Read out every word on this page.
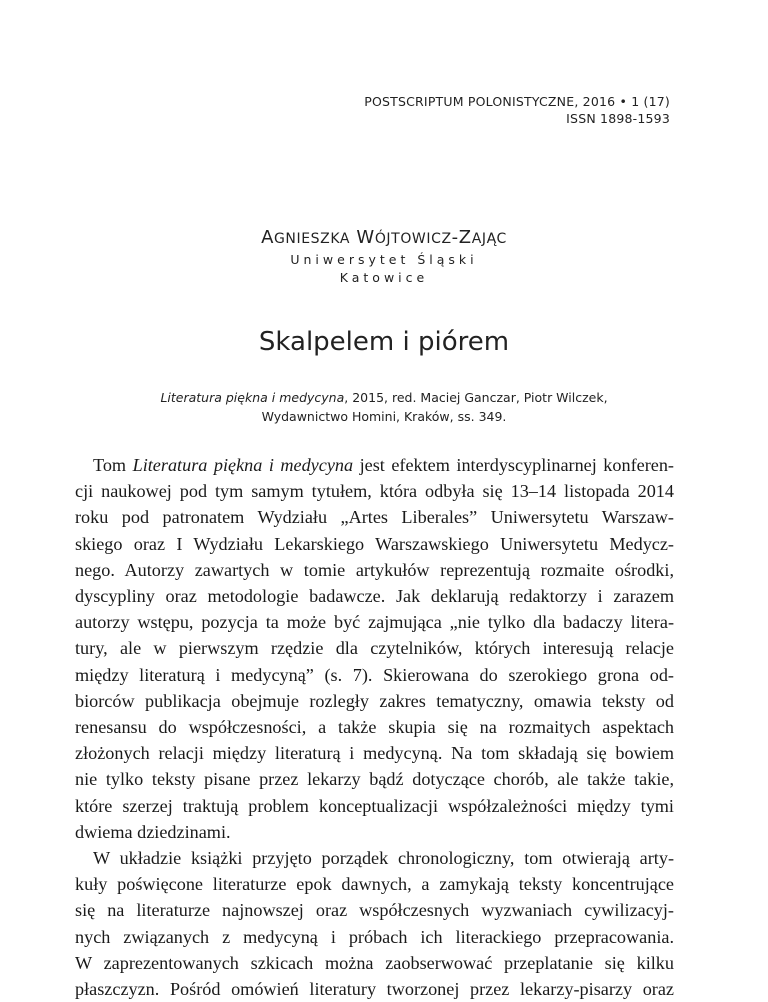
POSTSCRIPTUM POLONISTYCZNE, 2016 • 1 (17)
ISSN 1898-1593
AGNIESZKA WÓJTOWICZ-ZAJĄC
Uniwersytet Śląski
Katowice
Skalpelem i piórem
Literatura piękna i medycyna, 2015, red. Maciej Ganczar, Piotr Wilczek,
Wydawnictwo Homini, Kraków, ss. 349.
Tom Literatura piękna i medycyna jest efektem interdyscyplinarnej konferen-
cji naukowej pod tym samym tytułem, która odbyła się 13–14 listopada 2014
roku pod patronatem Wydziału „Artes Liberales” Uniwersytetu Warszaw-
skiego oraz I Wydziału Lekarskiego Warszawskiego Uniwersytetu Medycz-
nego. Autorzy zawartych w tomie artykułów reprezentują rozmaite ośrodki,
dyscypliny oraz metodologie badawcze. Jak deklarują redaktorzy i zarazem
autorzy wstępu, pozycja ta może być zajmująca „nie tylko dla badaczy litera-
tury, ale w pierwszym rzędzie dla czytelników, których interesują relacje
między literaturą i medycyną” (s. 7). Skierowana do szerokiego grona od-
biorców publikacja obejmuje rozległy zakres tematyczny, omawia teksty od
renesansu do współczesności, a także skupia się na rozmaitych aspektach
złożonych relacji między literaturą i medycyną. Na tom składają się bowiem
nie tylko teksty pisane przez lekarzy bądź dotyczące chorób, ale także takie,
które szerzej traktują problem konceptualizacji współzależności między tymi
dwiema dziedzinami.
W układzie książki przyjęto porządek chronologiczny, tom otwierają arty-
kuły poświęcone literaturze epok dawnych, a zamykają teksty koncentrujące
się na literaturze najnowszej oraz współczesnych wyzwaniach cywilizacyj-
nych związanych z medycyną i próbach ich literackiego przepracowania.
W zaprezentowanych szkicach można zaobserwować przeplatanie się kilku
płaszczyzn. Pośród omówień literatury tworzonej przez lekarzy-pisarzy oraz
